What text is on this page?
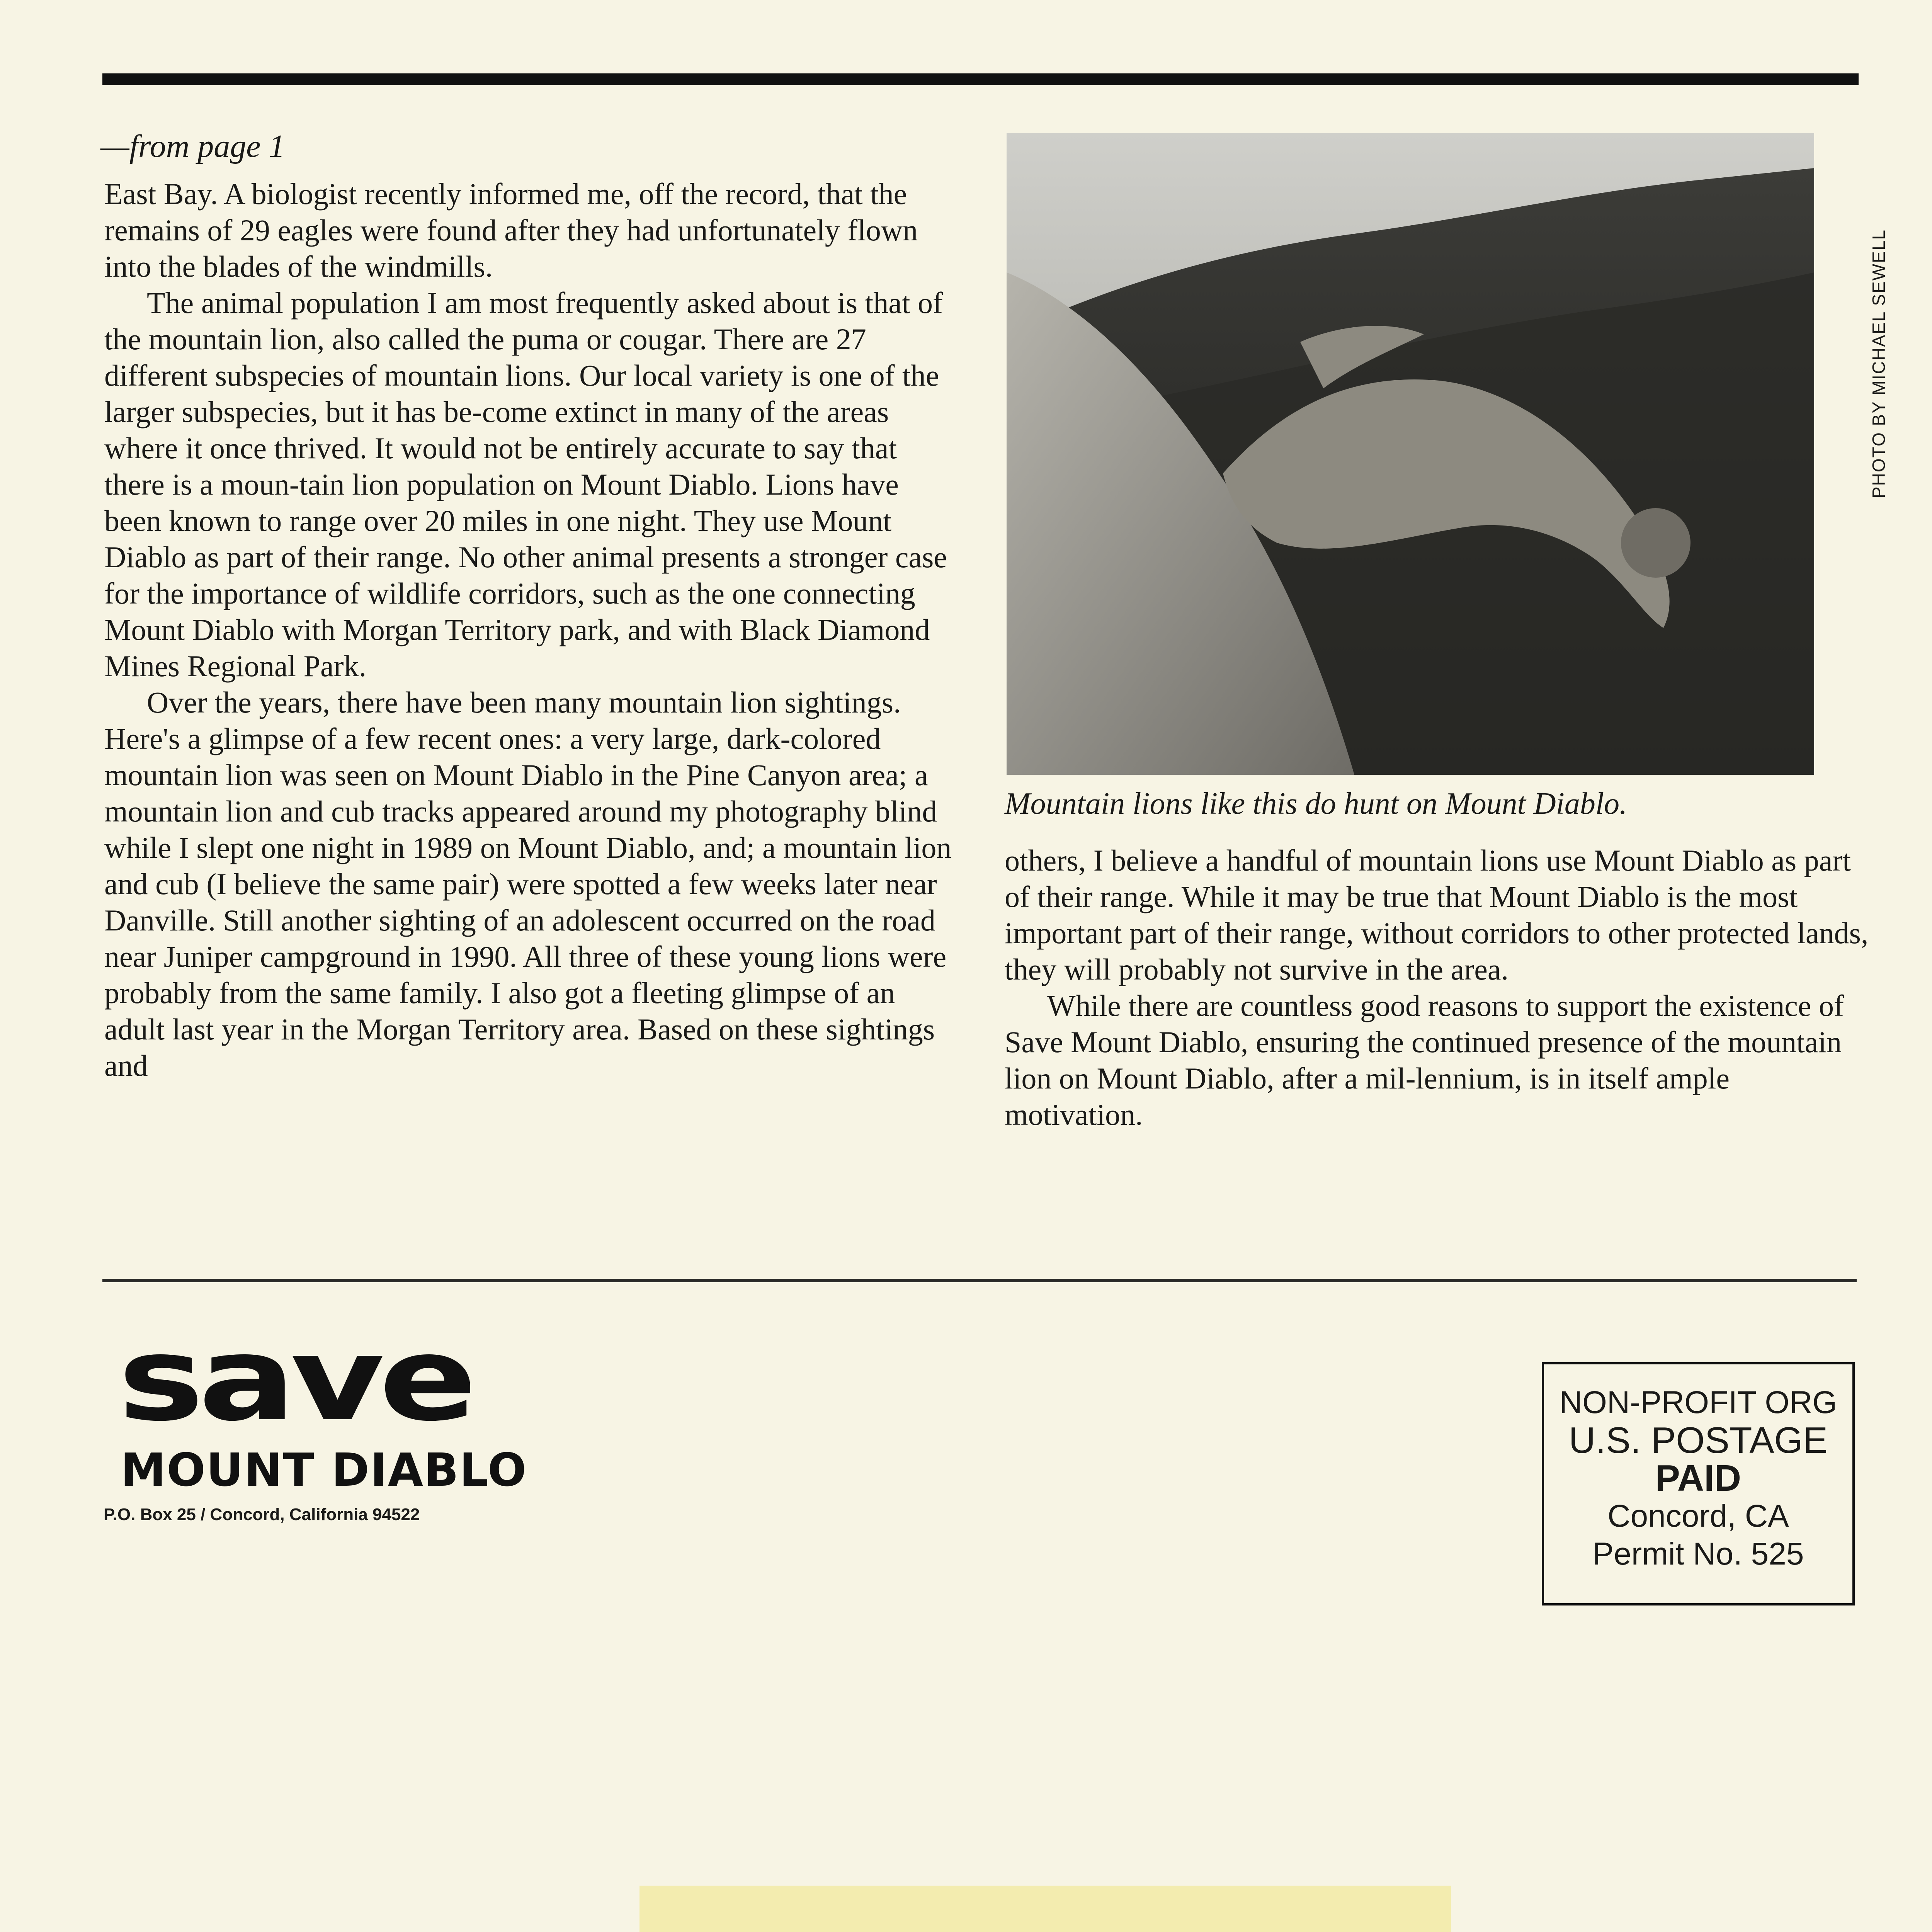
—from page 1

East Bay. A biologist recently informed me, off the record, that the remains of 29 eagles were found after they had unfortunately flown into the blades of the windmills.

The animal population I am most frequently asked about is that of the mountain lion, also called the puma or cougar. There are 27 different subspecies of mountain lions. Our local variety is one of the larger subspecies, but it has be-come extinct in many of the areas where it once thrived. It would not be entirely accurate to say that there is a moun-tain lion population on Mount Diablo. Lions have been known to range over 20 miles in one night. They use Mount Diablo as part of their range. No other animal presents a stronger case for the importance of wildlife corridors, such as the one connecting Mount Diablo with Morgan Territory park, and with Black Diamond Mines Regional Park.

Over the years, there have been many mountain lion sightings. Here's a glimpse of a few recent ones: a very large, dark-colored mountain lion was seen on Mount Diablo in the Pine Canyon area; a mountain lion and cub tracks appeared around my photography blind while I slept one night in 1989 on Mount Diablo, and; a mountain lion and cub (I believe the same pair) were spotted a few weeks later near Danville. Still another sighting of an adolescent occurred on the road near Juniper campground in 1990. All three of these young lions were probably from the same family. I also got a fleeting glimpse of an adult last year in the Morgan Territory area. Based on these sightings and

PHOTO BY MICHAEL SEWELL
Mountain lions like this do hunt on Mount Diablo.

others, I believe a handful of mountain lions use Mount Diablo as part of their range. While it may be true that Mount Diablo is the most important part of their range, without corridors to other protected lands, they will probably not survive in the area.

While there are countless good reasons to support the existence of Save Mount Diablo, ensuring the continued presence of the mountain lion on Mount Diablo, after a mil-lennium, is in itself ample motivation.

save
MOUNT DIABLO
P.O. Box 25 / Concord, California 94522
NON-PROFIT ORG
U.S. POSTAGE
PAID
Concord, CA
Permit No. 525
